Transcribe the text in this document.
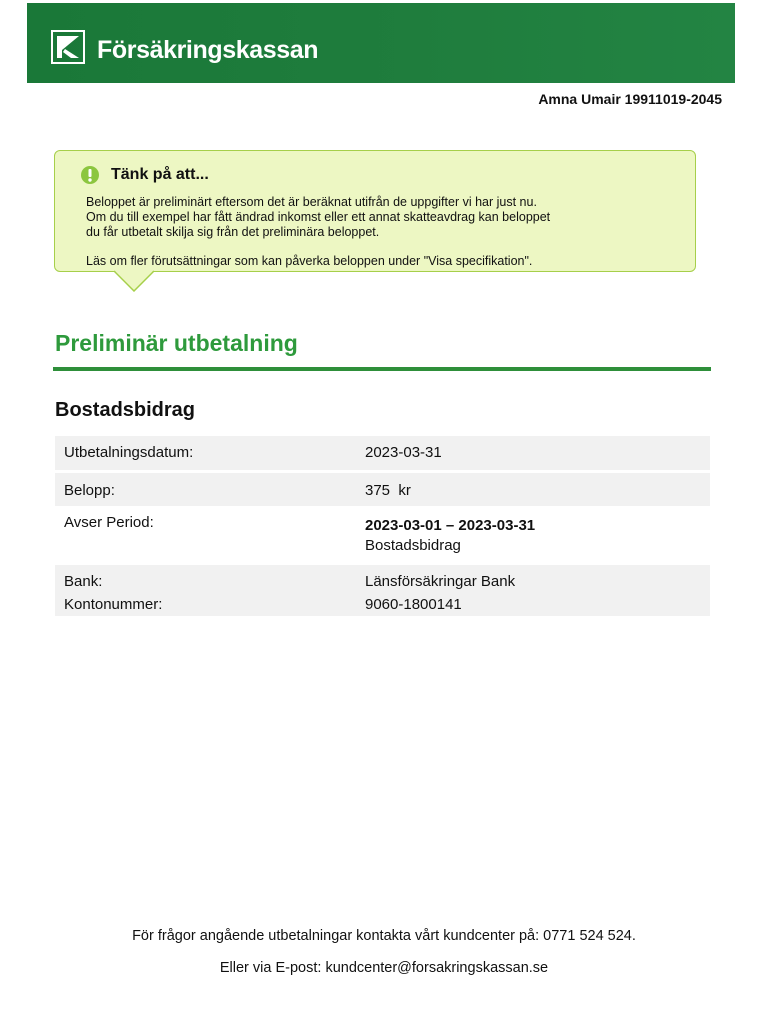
Försäkringskassan
Amna Umair 19911019-2045
Tänk på att...

Beloppet är preliminärt eftersom det är beräknat utifrån de uppgifter vi har just nu.

Om du till exempel har fått ändrad inkomst eller ett annat skatteavdrag kan beloppet

du får utbetalt skilja sig från det preliminära beloppet.

Läs om fler förutsättningar som kan påverka beloppen under "Visa specifikation".

Preliminär utbetalning
Bostadsbidrag
Utbetalningsdatum:	2023-03-31
Belopp:	375  kr
Avser Period:	2023-03-01 – 2023-03-31
Bostadsbidrag
Bank:	Länsförsäkringar Bank
Kontonummer:	9060-1800141
För frågor angående utbetalningar kontakta vårt kundcenter på: 0771 524 524.
Eller via E-post: kundcenter@forsakringskassan.se
